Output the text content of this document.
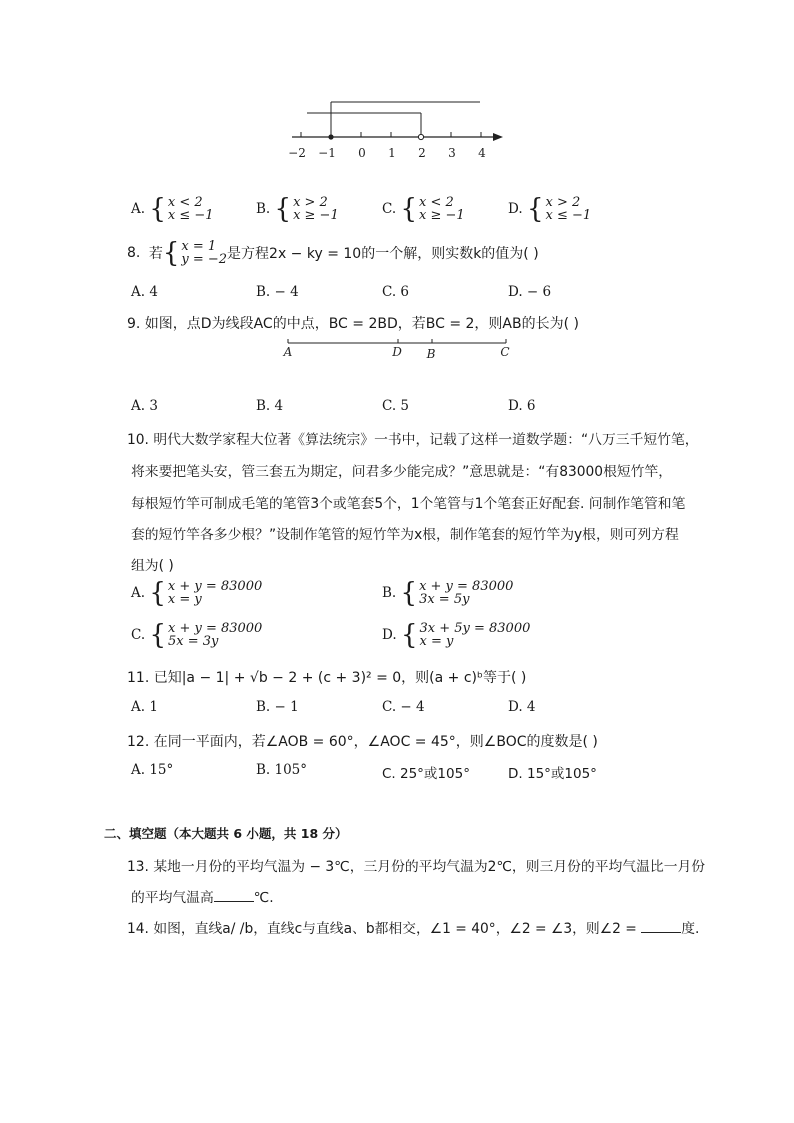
−2 −1 0 1 2 3 4
A. { x < 2
x ≤ −1	B. { x > 2
x ≥ −1	C. { x < 2
x ≥ −1	D. { x > 2
x ≤ −1
8. 若 { x = 1
y = −2 是方程2x − ky = 10的一个解，则实数k的值为( )
A. 4	B. − 4	C. 6	D. − 6
9. 如图，点D为线段AC的中点，BC = 2BD，若BC = 2，则AB的长为( )
A	D B	C
A. 3	B. 4	C. 5	D. 6
10. 明代大数学家程大位著《算法统宗》一书中，记载了这样一道数学题：“八万三千短竹笔，
将来要把笔头安，管三套五为期定，问君多少能完成？”意思就是：“有83000根短竹竿，
每根短竹竿可制成毛笔的笔管3个或笔套5个，1个笔管与1个笔套正好配套. 问制作笔管和笔
套的短竹竿各多少根？”设制作笔管的短竹竿为x根，制作笔套的短竹竿为y根，则可列方程
组为( )
A. { x + y = 83000
x = y	B. { x + y = 83000
3x = 5y
C. { x + y = 83000
5x = 3y	D. { 3x + 5y = 83000
x = y
11. 已知|a − 1| + √b − 2 + (c + 3)² = 0，则(a + c)ᵇ等于( )
A. 1	B. − 1	C. − 4	D. 4
12. 在同一平面内，若∠AOB = 60°，∠AOC = 45°，则∠BOC的度数是( )
A. 15°	B. 105°	C. 25°或105°	D. 15°或105°
二、填空题（本大题共 6 小题，共 18 分）
13. 某地一月份的平均气温为 − 3℃，三月份的平均气温为2℃，则三月份的平均气温比一月份
的平均气温高	℃.
14. 如图，直线a/ /b，直线c与直线a、b都相交，∠1 = 40°，∠2 = ∠3，则∠2 =	度.
